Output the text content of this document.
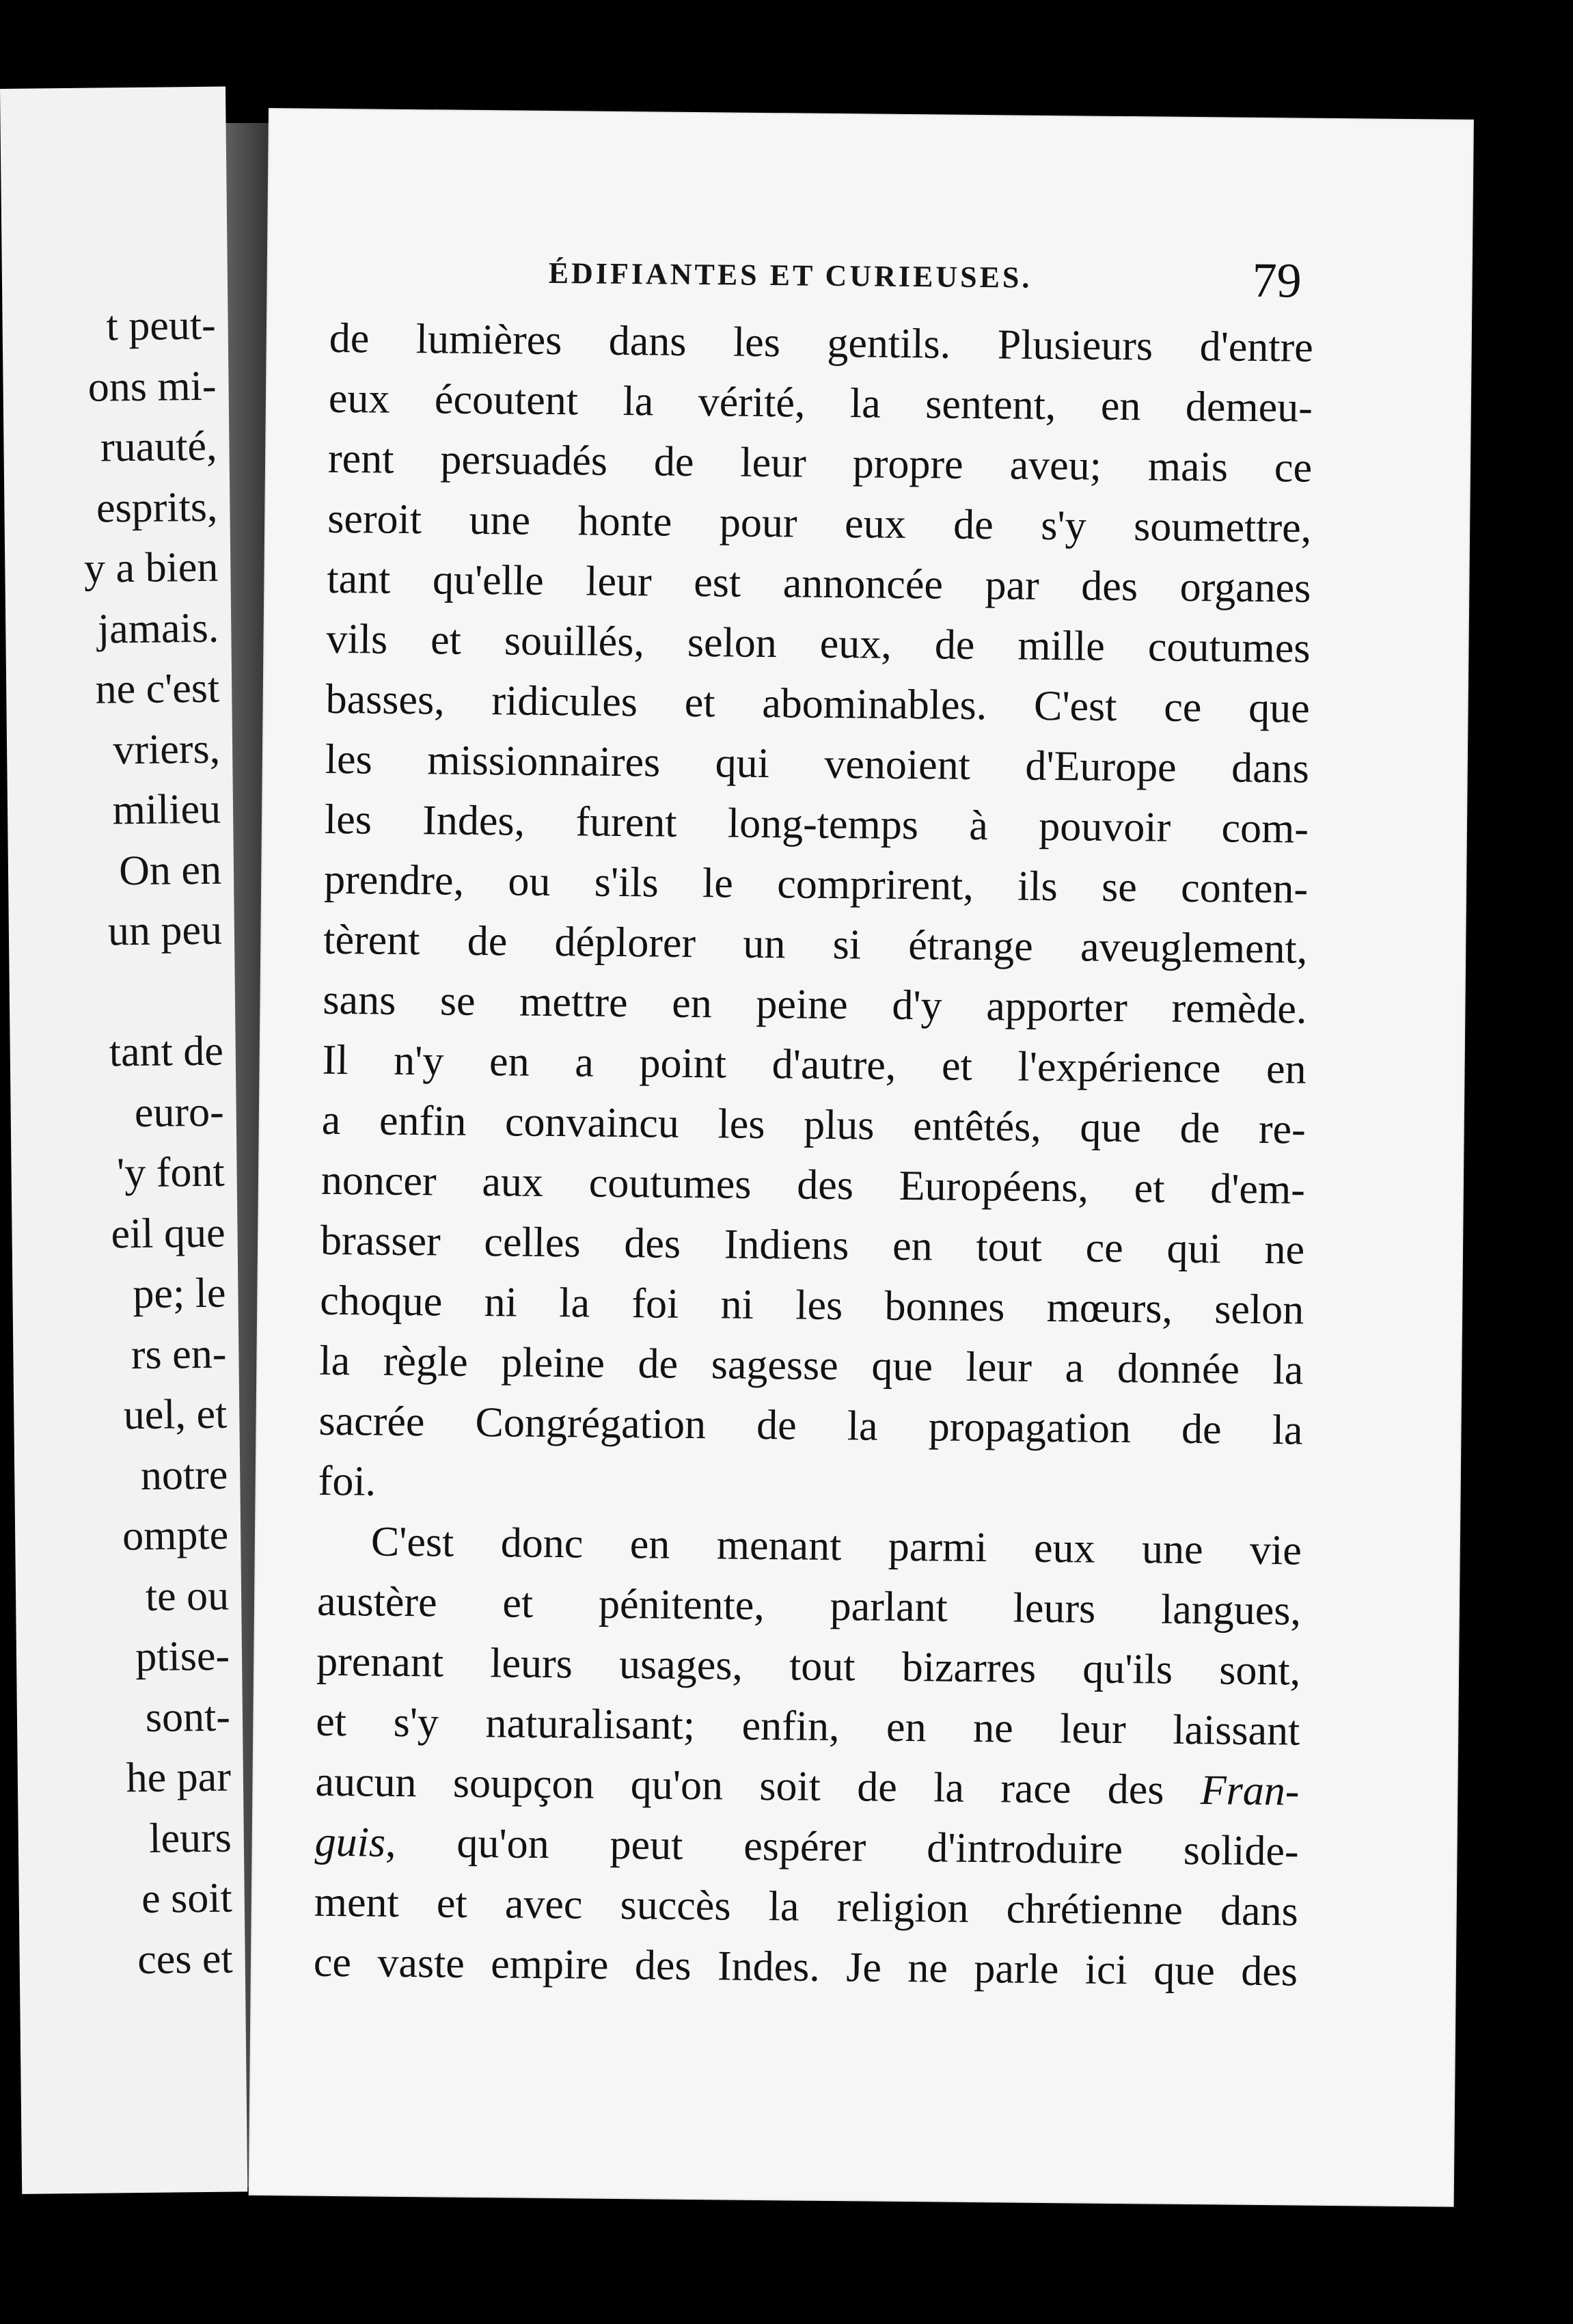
t peut-
ons mi-
ruauté,
esprits,
y a bien
jamais.
ne c'est
vriers,
milieu
On en
un peu
tant de
euro-
'y font
eil que
pe; le
rs en-
uel, et
notre
ompte
te ou
ptise-
sont-
he par
leurs
e soit
ces et
ÉDIFIANTES ET CURIEUSES.	79
de lumières dans les gentils. Plusieurs d'entre
eux écoutent la vérité, la sentent, en demeu-
rent persuadés de leur propre aveu; mais ce
seroit une honte pour eux de s'y soumettre,
tant qu'elle leur est annoncée par des organes
vils et souillés, selon eux, de mille coutumes
basses, ridicules et abominables. C'est ce que
les missionnaires qui venoient d'Europe dans
les Indes, furent long-temps à pouvoir com-
prendre, ou s'ils le comprirent, ils se conten-
tèrent de déplorer un si étrange aveuglement,
sans se mettre en peine d'y apporter remède.
Il n'y en a point d'autre, et l'expérience en
a enfin convaincu les plus entêtés, que de re-
noncer aux coutumes des Européens, et d'em-
brasser celles des Indiens en tout ce qui ne
choque ni la foi ni les bonnes mœurs, selon
la règle pleine de sagesse que leur a donnée la
sacrée Congrégation de la propagation de la
foi.
C'est donc en menant parmi eux une vie
austère et pénitente, parlant leurs langues,
prenant leurs usages, tout bizarres qu'ils sont,
et s'y naturalisant; enfin, en ne leur laissant
aucun soupçon qu'on soit de la race des Fran-
guis, qu'on peut espérer d'introduire solide-
ment et avec succès la religion chrétienne dans
ce vaste empire des Indes. Je ne parle ici que des
